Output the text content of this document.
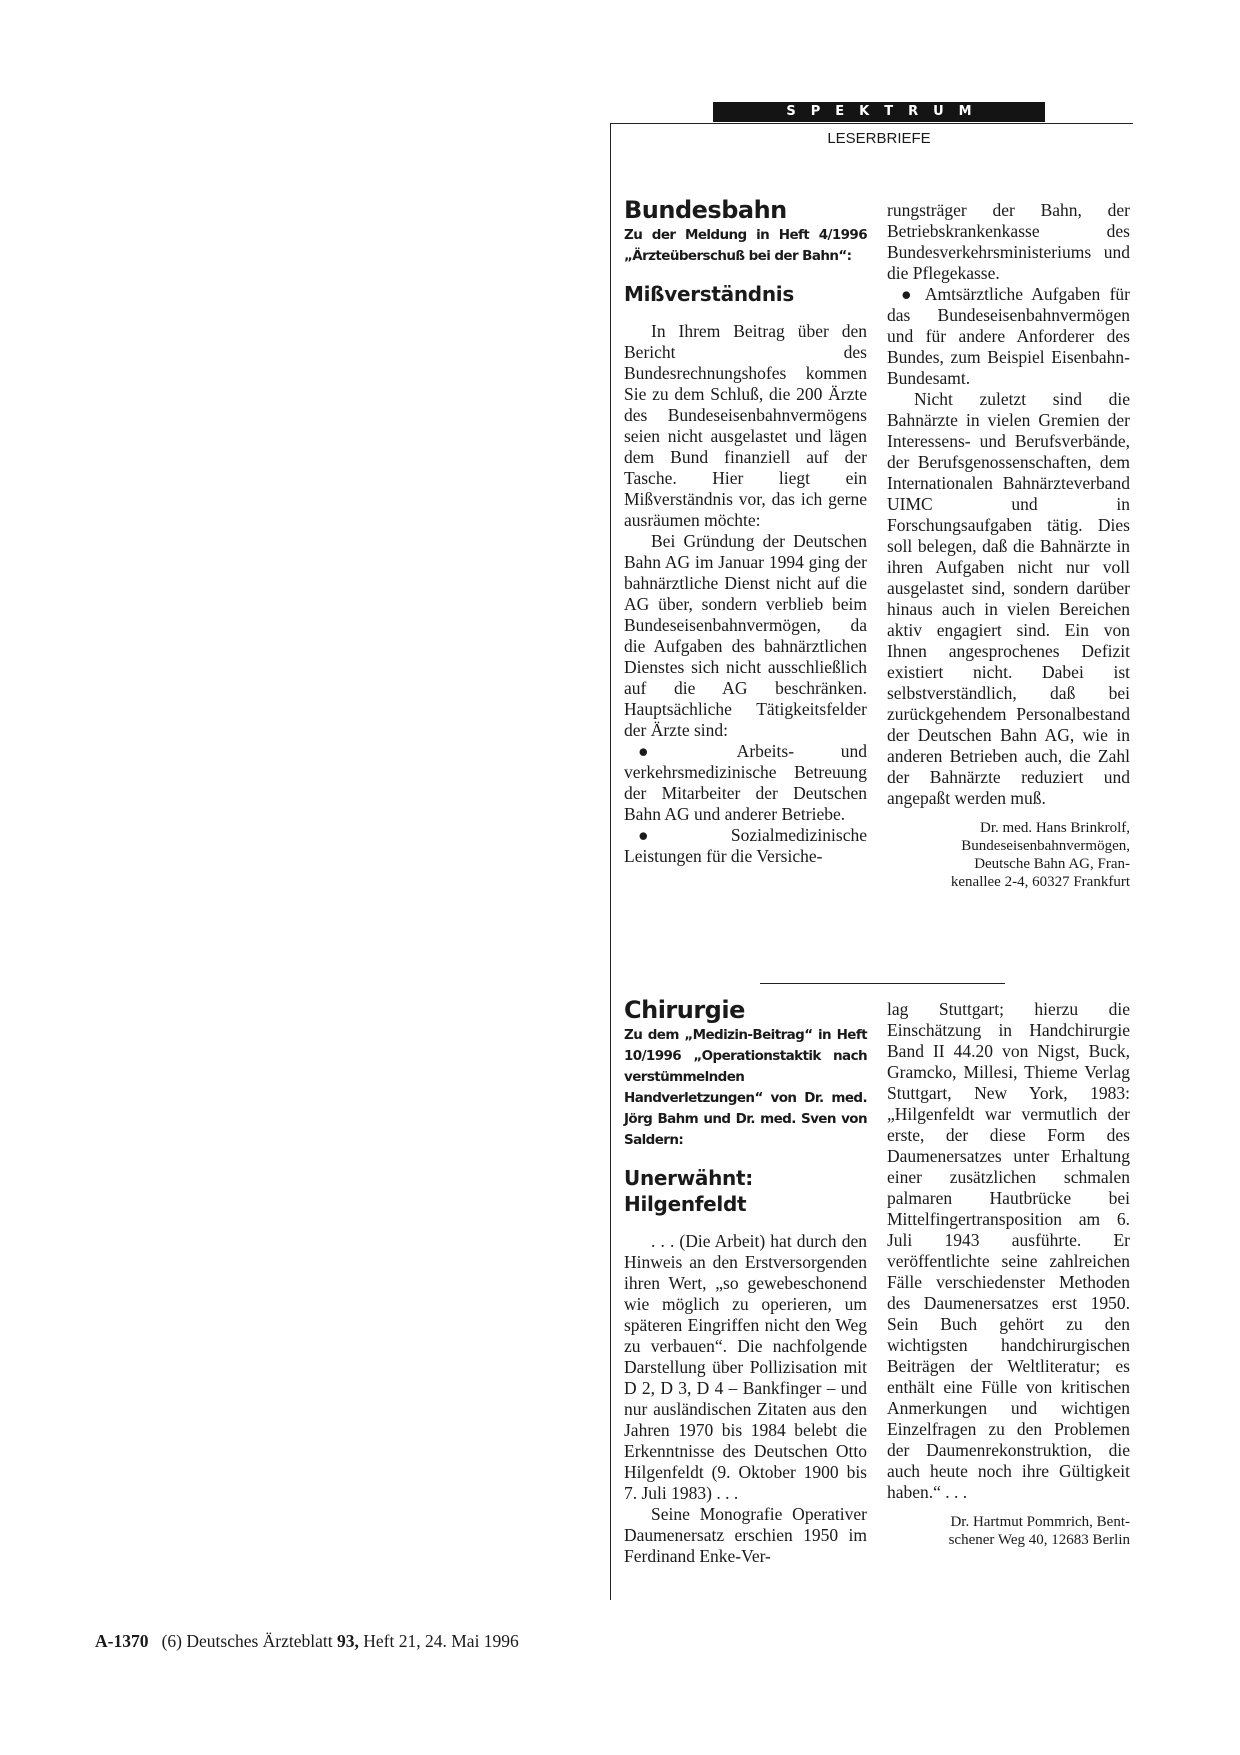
SPEKTRUM
LESERBRIEFE
Bundesbahn

Zu der Meldung in Heft 4/1996 „Ärzteüberschuß bei der Bahn“:

Mißverständnis

In Ihrem Beitrag über den Bericht des Bundesrechnungshofes kommen Sie zu dem Schluß, die 200 Ärzte des Bundeseisenbahnvermögens seien nicht ausgelastet und lägen dem Bund finanziell auf der Tasche. Hier liegt ein Mißverständnis vor, das ich gerne ausräumen möchte:

Bei Gründung der Deutschen Bahn AG im Januar 1994 ging der bahnärztliche Dienst nicht auf die AG über, sondern verblieb beim Bundeseisenbahnvermögen, da die Aufgaben des bahnärztlichen Dienstes sich nicht ausschließlich auf die AG beschränken. Hauptsächliche Tätigkeitsfelder der Ärzte sind:

● Arbeits- und verkehrsmedizinische Betreuung der Mitarbeiter der Deutschen Bahn AG und anderer Betriebe.

● Sozialmedizinische Leistungen für die Versiche-

rungsträger der Bahn, der Betriebskrankenkasse des Bundesverkehrsministeriums und die Pflegekasse.

● Amtsärztliche Aufgaben für das Bundeseisenbahnvermögen und für andere Anforderer des Bundes, zum Beispiel Eisenbahn-Bundesamt.

Nicht zuletzt sind die Bahnärzte in vielen Gremien der Interessens- und Berufsverbände, der Berufsgenossenschaften, dem Internationalen Bahnärzteverband UIMC und in Forschungsaufgaben tätig. Dies soll belegen, daß die Bahnärzte in ihren Aufgaben nicht nur voll ausgelastet sind, sondern darüber hinaus auch in vielen Bereichen aktiv engagiert sind. Ein von Ihnen angesprochenes Defizit existiert nicht. Dabei ist selbstverständlich, daß bei zurückgehendem Personalbestand der Deutschen Bahn AG, wie in anderen Betrieben auch, die Zahl der Bahnärzte reduziert und angepaßt werden muß.

Dr. med. Hans Brinkrolf,
Bundeseisenbahnvermögen,
Deutsche Bahn AG, Fran-
kenallee 2-4, 60327 Frankfurt
Chirurgie

Zu dem „Medizin-Beitrag“ in Heft 10/1996 „Operationstaktik nach verstümmelnden Handverletzungen“ von Dr. med. Jörg Bahm und Dr. med. Sven von Saldern:

Unerwähnt: Hilgenfeldt

. . . (Die Arbeit) hat durch den Hinweis an den Erstversorgenden ihren Wert, „so gewebeschonend wie möglich zu operieren, um späteren Eingriffen nicht den Weg zu verbauen“. Die nachfolgende Darstellung über Pollizisation mit D 2, D 3, D 4 – Bankfinger – und nur ausländischen Zitaten aus den Jahren 1970 bis 1984 belebt die Erkenntnisse des Deutschen Otto Hilgenfeldt (9. Oktober 1900 bis 7. Juli 1983) . . .

Seine Monografie Operativer Daumenersatz erschien 1950 im Ferdinand Enke-Ver-

lag Stuttgart; hierzu die Einschätzung in Handchirurgie Band II 44.20 von Nigst, Buck, Gramcko, Millesi, Thieme Verlag Stuttgart, New York, 1983: „Hilgenfeldt war vermutlich der erste, der diese Form des Daumenersatzes unter Erhaltung einer zusätzlichen schmalen palmaren Hautbrücke bei Mittelfingertransposition am 6. Juli 1943 ausführte. Er veröffentlichte seine zahlreichen Fälle verschiedenster Methoden des Daumenersatzes erst 1950. Sein Buch gehört zu den wichtigsten handchirurgischen Beiträgen der Weltliteratur; es enthält eine Fülle von kritischen Anmerkungen und wichtigen Einzelfragen zu den Problemen der Daumenrekonstruktion, die auch heute noch ihre Gültigkeit haben.“ . . .

Dr. Hartmut Pommrich, Bent-
schener Weg 40, 12683 Berlin
A-1370 (6) Deutsches Ärzteblatt 93, Heft 21, 24. Mai 1996
